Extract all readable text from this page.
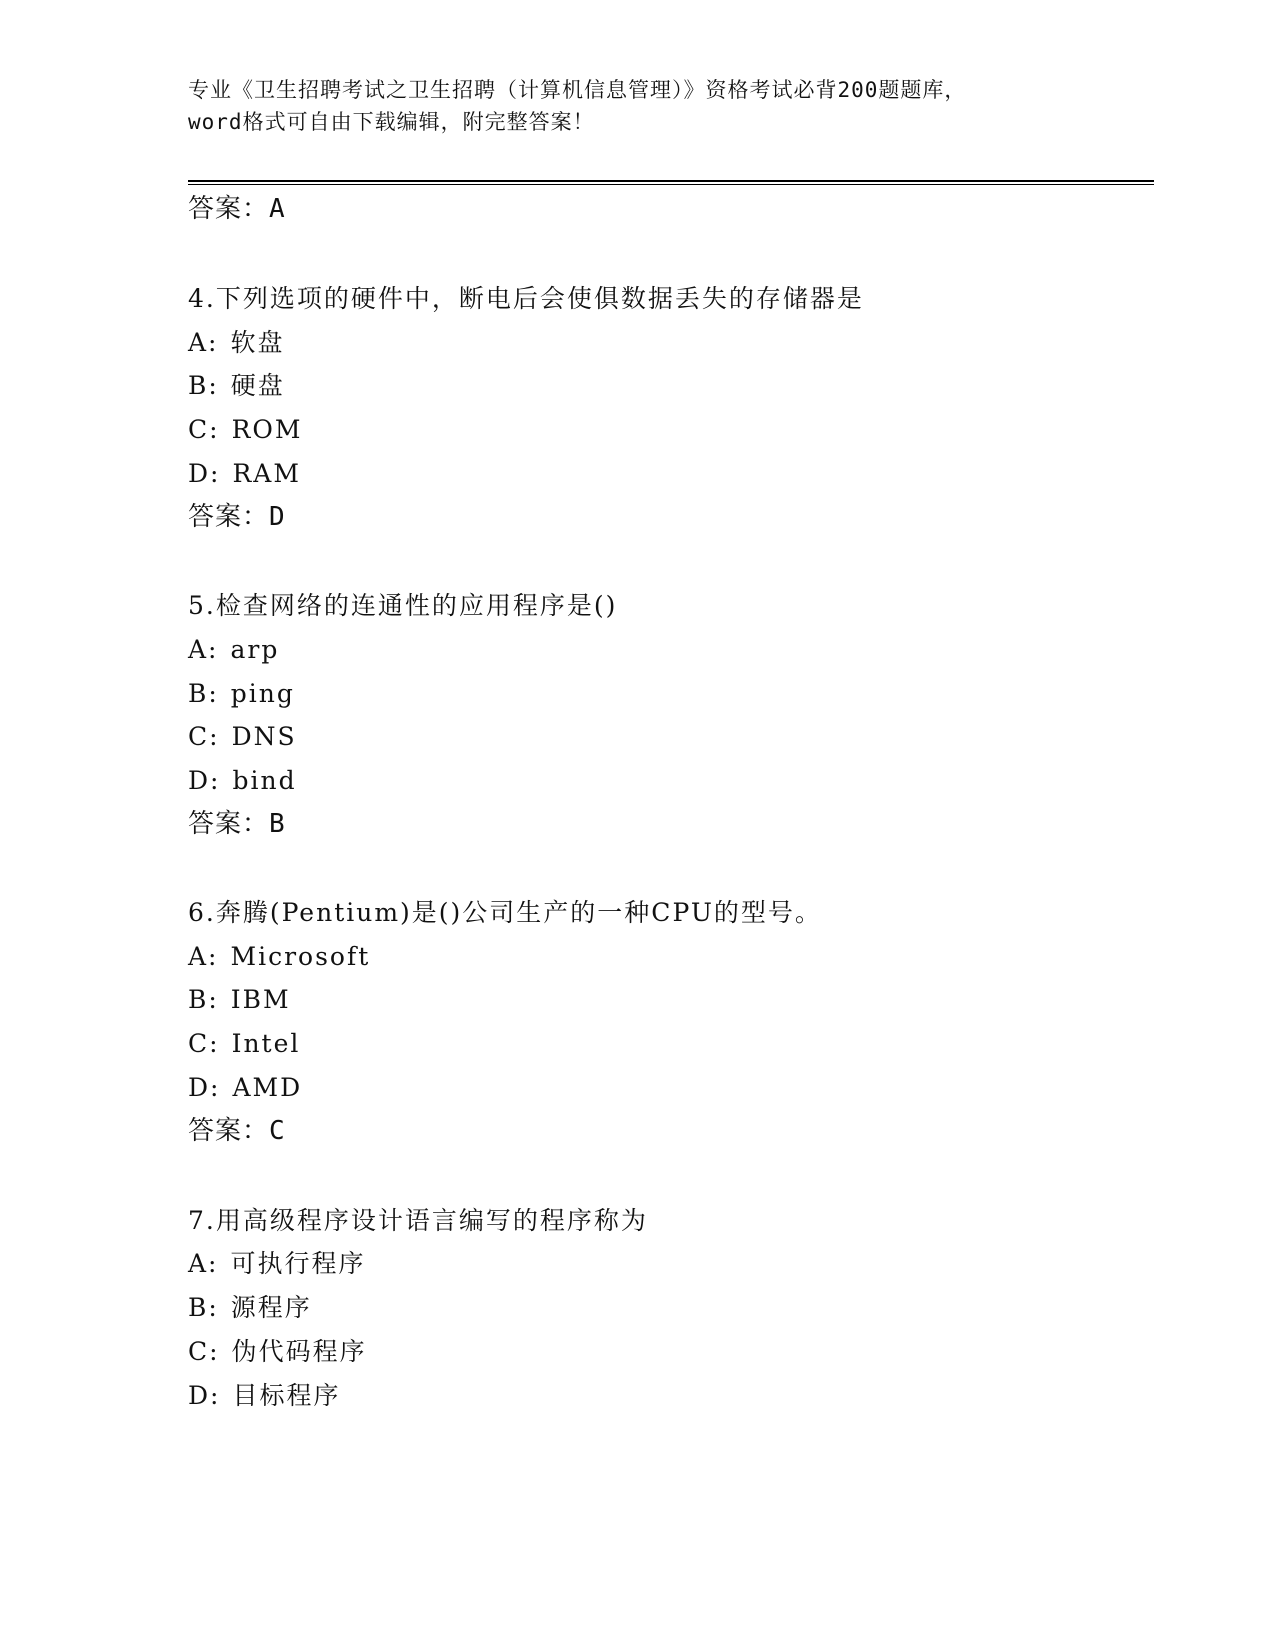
专业《卫生招聘考试之卫生招聘（计算机信息管理）》资格考试必背200题题库，
word格式可自由下载编辑，附完整答案！
答案：A
4.下列选项的硬件中，断电后会使俱数据丢失的存储器是
A: 软盘
B: 硬盘
C: ROM
D: RAM
答案：D
5.检查网络的连通性的应用程序是()
A: arp
B: ping
C: DNS
D: bind
答案：B
6.奔腾(Pentium)是()公司生产的一种CPU的型号。
A: Microsoft
B: IBM
C: Intel
D: AMD
答案：C
7.用高级程序设计语言编写的程序称为
A: 可执行程序
B: 源程序
C: 伪代码程序
D: 目标程序
